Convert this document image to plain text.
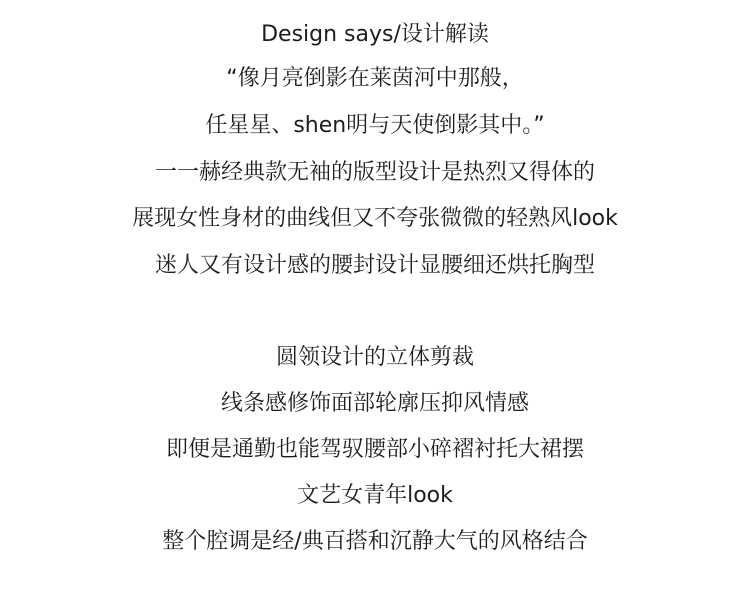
Design says/设计解读
“像月亮倒影在莱茵河中那般，
任星星、shen明与天使倒影其中。”
一一赫经典款无袖的版型设计是热烈又得体的
展现女性身材的曲线但又不夸张微微的轻熟风look
迷人又有设计感的腰封设计显腰细还烘托胸型
圆领设计的立体剪裁
线条感修饰面部轮廓压抑风情感
即便是通勤也能驾驭腰部小碎褶衬托大裙摆
文艺女青年look
整个腔调是经/典百搭和沉静大气的风格结合
